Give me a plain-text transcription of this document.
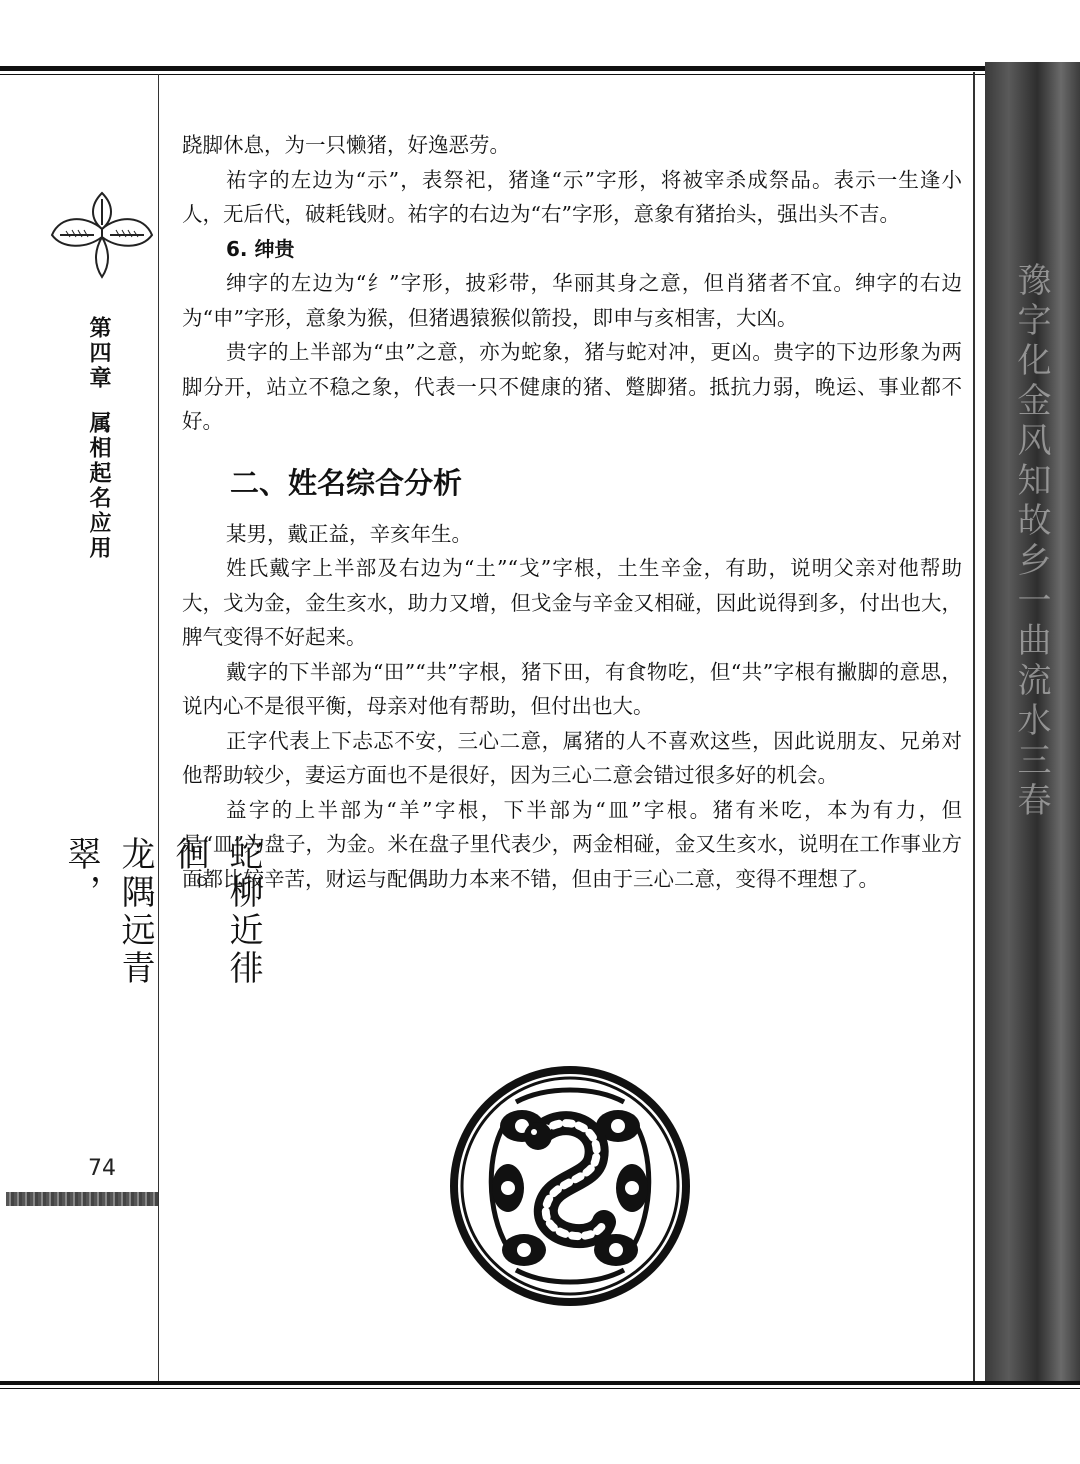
豫字化金风知故乡一曲流水三春
第四章属相起名应用
蛇柳近徘徊。
龙隅远青翠，
74

跷脚休息，为一只懒猪，好逸恶劳。

祐字的左边为“示”，表祭祀，猪逢“示”字形，将被宰杀成祭品。表示一生逢小人，无后代，破耗钱财。祐字的右边为“右”字形，意象有猪抬头，强出头不吉。

6. 绅贵

绅字的左边为“纟”字形，披彩带，华丽其身之意，但肖猪者不宜。绅字的右边为“申”字形，意象为猴，但猪遇猿猴似箭投，即申与亥相害，大凶。

贵字的上半部为“虫”之意，亦为蛇象，猪与蛇对冲，更凶。贵字的下边形象为两脚分开，站立不稳之象，代表一只不健康的猪、蹩脚猪。抵抗力弱，晚运、事业都不好。

二、姓名综合分析

某男，戴正益，辛亥年生。

姓氏戴字上半部及右边为“土”“戈”字根，土生辛金，有助，说明父亲对他帮助大，戈为金，金生亥水，助力又增，但戈金与辛金又相碰，因此说得到多，付出也大，脾气变得不好起来。

戴字的下半部为“田”“共”字根，猪下田，有食物吃，但“共”字根有撇脚的意思，说内心不是很平衡，母亲对他有帮助，但付出也大。

正字代表上下忐忑不安，三心二意，属猪的人不喜欢这些，因此说朋友、兄弟对他帮助较少，妻运方面也不是很好，因为三心二意会错过很多好的机会。

益字的上半部为“羊”字根，下半部为“皿”字根。猪有米吃，本为有力，但是“皿”为盘子，为金。米在盘子里代表少，两金相碰，金又生亥水，说明在工作事业方面都比较辛苦，财运与配偶助力本来不错，但由于三心二意，变得不理想了。
